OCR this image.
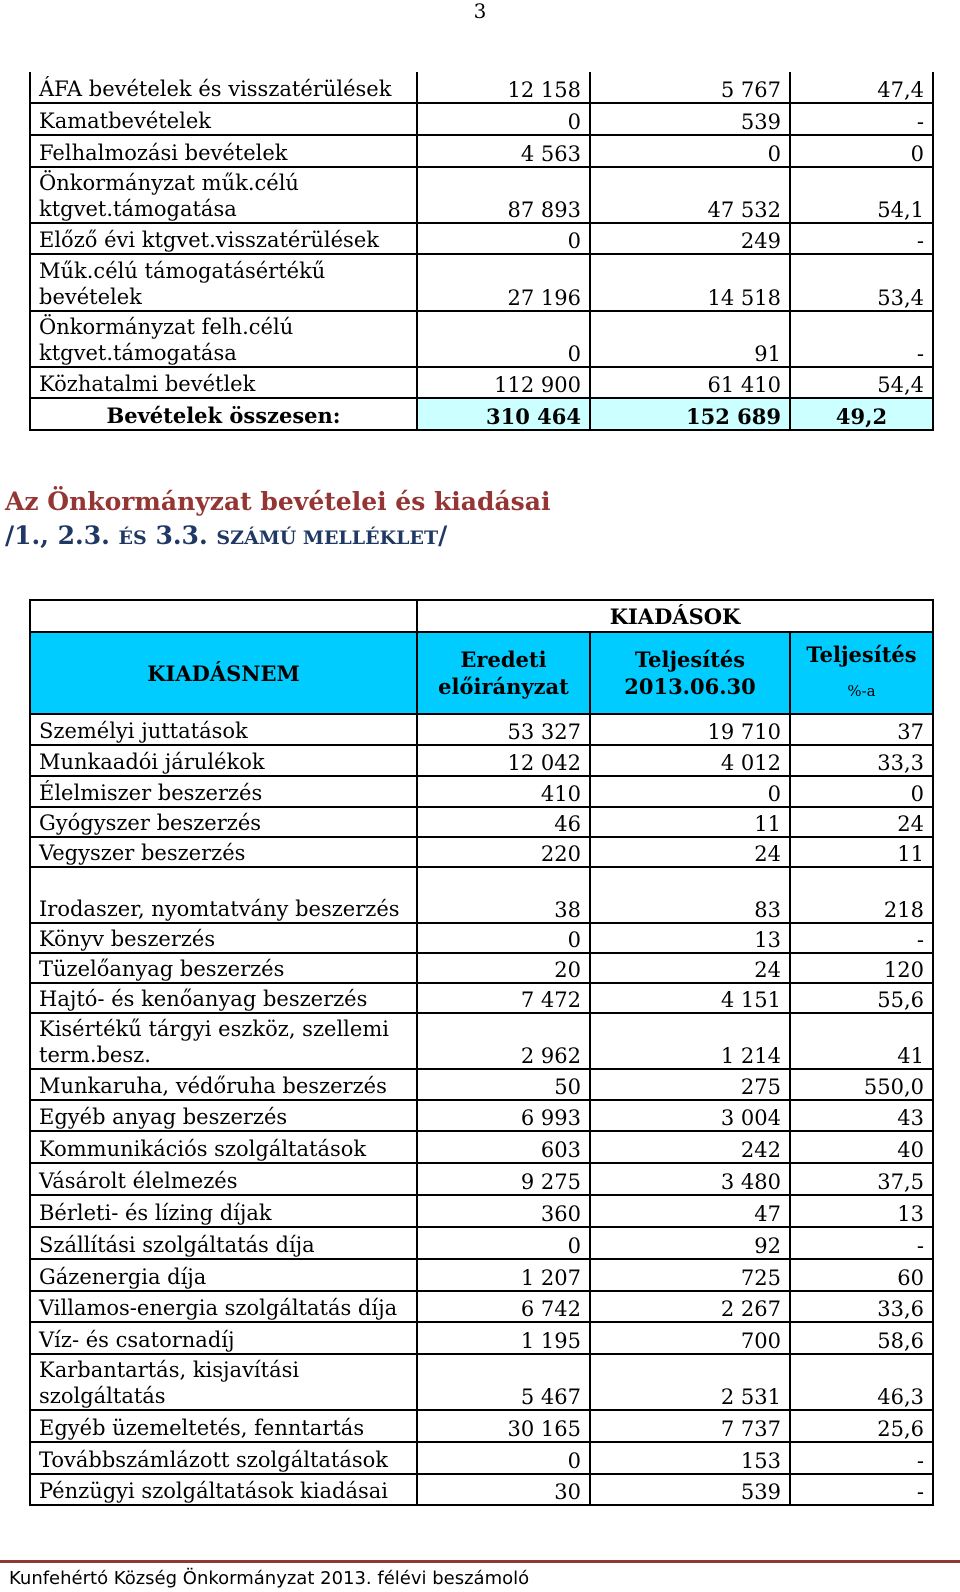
3
ÁFA bevételek és visszatérülések	12 158	5 767	47,4
Kamatbevételek	0	539	-
Felhalmozási bevételek	4 563	0	0
Önkormányzat műk.célú ktgvet.támogatása	87 893	47 532	54,1
Előző évi ktgvet.visszatérülések	0	249	-
Műk.célú támogatásértékű bevételek	27 196	14 518	53,4
Önkormányzat felh.célú ktgvet.támogatása	0	91	-
Közhatalmi bevétlek	112 900	61 410	54,4
Bevételek összesen:	310 464	152 689	49,2
Az Önkormányzat bevételei és kiadásai
/1., 2.3. ÉS 3.3. SZÁMÚ MELLÉKLET/
	KIADÁSOK		
KIADÁSNEM	Eredeti előirányzat	Teljesítés 2013.06.30	Teljesítés
%-a

Személyi juttatások	53 327	19 710	37
Munkaadói járulékok	12 042	4 012	33,3
Élelmiszer beszerzés	410	0	0
Gyógyszer beszerzés	46	11	24
Vegyszer beszerzés	220	24	11
Irodaszer, nyomtatvány beszerzés	38	83	218
Könyv beszerzés	0	13	-
Tüzelőanyag beszerzés	20	24	120
Hajtó- és kenőanyag beszerzés	7 472	4 151	55,6
Kisértékű tárgyi eszköz, szellemi term.besz.	2 962	1 214	41
Munkaruha, védőruha beszerzés	50	275	550,0
Egyéb anyag beszerzés	6 993	3 004	43
Kommunikációs szolgáltatások	603	242	40
Vásárolt élelmezés	9 275	3 480	37,5
Bérleti- és lízing díjak	360	47	13
Szállítási szolgáltatás díja	0	92	-
Gázenergia díja	1 207	725	60
Villamos-energia szolgáltatás díja	6 742	2 267	33,6
Víz- és csatornadíj	1 195	700	58,6
Karbantartás, kisjavítási szolgáltatás	5 467	2 531	46,3
Egyéb üzemeltetés, fenntartás	30 165	7 737	25,6
Továbbszámlázott szolgáltatások	0	153	-
Pénzügyi szolgáltatások kiadásai	30	539	-
Kunfehértó Község Önkormányzat 2013. félévi beszámoló
